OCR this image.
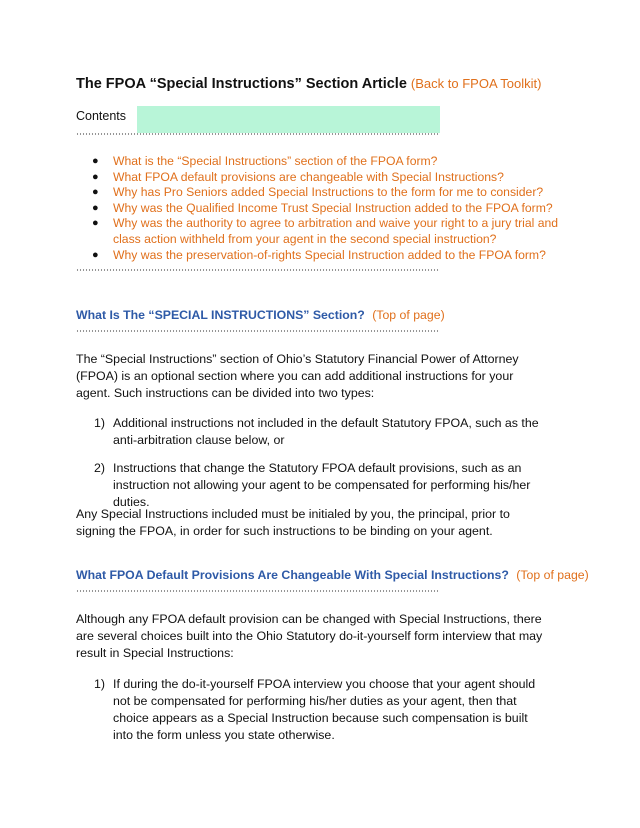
The FPOA “Special Instructions” Section Article (Back to FPOA Toolkit)
Contents
● What is the “Special Instructions” section of the FPOA form?
● What FPOA default provisions are changeable with Special Instructions?
● Why has Pro Seniors added Special Instructions to the form for me to consider?
● Why was the Qualified Income Trust Special Instruction added to the FPOA form?
● Why was the authority to agree to arbitration and waive your right to a jury trial and class action withheld from your agent in the second special instruction?
● Why was the preservation-of-rights Special Instruction added to the FPOA form?
What Is The “SPECIAL INSTRUCTIONS” Section? (Top of page)
The “Special Instructions” section of Ohio’s Statutory Financial Power of Attorney (FPOA) is an optional section where you can add additional instructions for your agent. Such instructions can be divided into two types:
1) Additional instructions not included in the default Statutory FPOA, such as the anti-arbitration clause below, or
2) Instructions that change the Statutory FPOA default provisions, such as an instruction not allowing your agent to be compensated for performing his/her duties.
Any Special Instructions included must be initialed by you, the principal, prior to signing the FPOA, in order for such instructions to be binding on your agent.
What FPOA Default Provisions Are Changeable With Special Instructions? (Top of page)
Although any FPOA default provision can be changed with Special Instructions, there are several choices built into the Ohio Statutory do-it-yourself form interview that may result in Special Instructions:
1) If during the do-it-yourself FPOA interview you choose that your agent should not be compensated for performing his/her duties as your agent, then that choice appears as a Special Instruction because such compensation is built into the form unless you state otherwise.
